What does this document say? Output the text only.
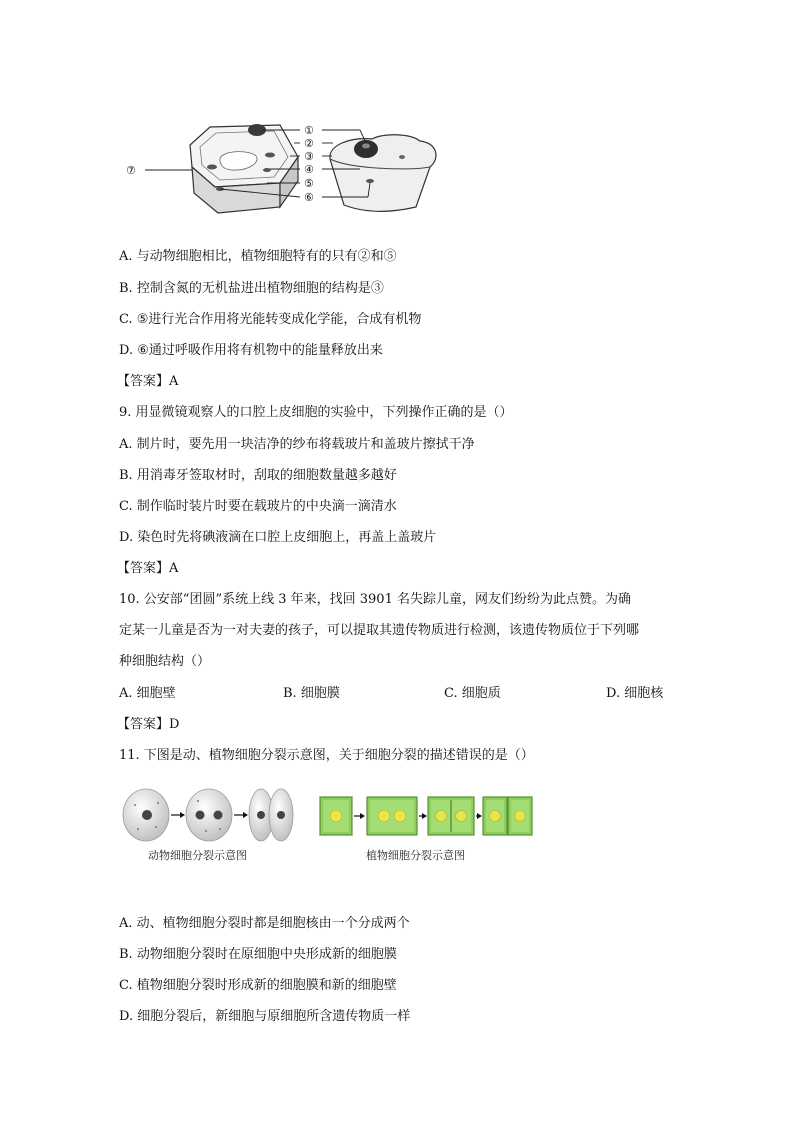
①
②
③
④
⑤
⑥
⑦
A. 与动物细胞相比，植物细胞特有的只有②和⑤
B. 控制含氮的无机盐进出植物细胞的结构是③
C. ⑤进行光合作用将光能转变成化学能，合成有机物
D. ⑥通过呼吸作用将有机物中的能量释放出来
【答案】A
9. 用显微镜观察人的口腔上皮细胞的实验中，下列操作正确的是（）
A. 制片时，要先用一块洁净的纱布将载玻片和盖玻片擦拭干净
B. 用消毒牙签取材时，刮取的细胞数量越多越好
C. 制作临时装片时要在载玻片的中央滴一滴清水
D. 染色时先将碘液滴在口腔上皮细胞上，再盖上盖玻片
【答案】A
10. 公安部“团圆”系统上线 3 年来，找回 3901 名失踪儿童，网友们纷纷为此点赞。为确
定某一儿童是否为一对夫妻的孩子，可以提取其遗传物质进行检测，该遗传物质位于下列哪
种细胞结构（）
A. 细胞壁	B. 细胞膜	C. 细胞质	D. 细胞核
【答案】D
11. 下图是动、植物细胞分裂示意图，关于细胞分裂的描述错误的是（）
动物细胞分裂示意图	植物细胞分裂示意图
A. 动、植物细胞分裂时都是细胞核由一个分成两个
B. 动物细胞分裂时在原细胞中央形成新的细胞膜
C. 植物细胞分裂时形成新的细胞膜和新的细胞壁
D. 细胞分裂后，新细胞与原细胞所含遗传物质一样
